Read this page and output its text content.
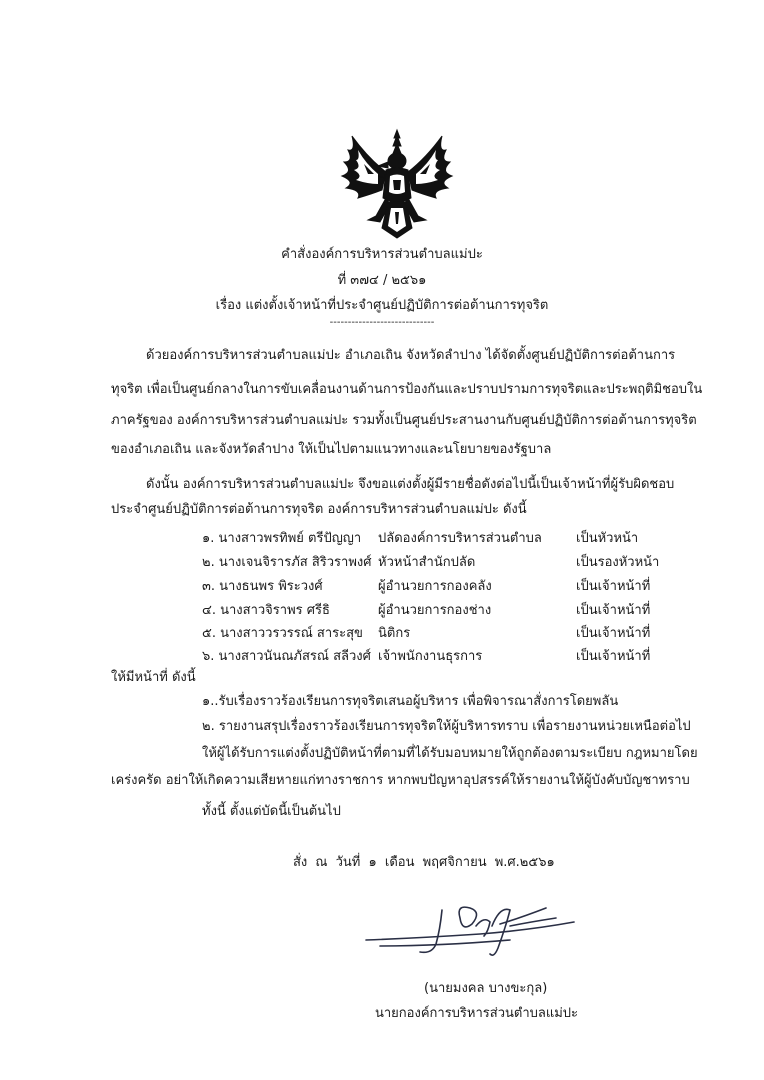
คำสั่งองค์การบริหารส่วนตำบลแม่ปะ
ที่ ๓๗๔ / ๒๕๖๑
เรื่อง แต่งตั้งเจ้าหน้าที่ประจำศูนย์ปฏิบัติการต่อต้านการทุจริต
-----------------------------
ด้วยองค์การบริหารส่วนตำบลแม่ปะ อำเภอเถิน จังหวัดลำปาง ได้จัดตั้งศูนย์ปฏิบัติการต่อต้านการ
ทุจริต เพื่อเป็นศูนย์กลางในการขับเคลื่อนงานด้านการป้องกันและปราบปรามการทุจริตและประพฤติมิชอบใน
ภาครัฐของ องค์การบริหารส่วนตำบลแม่ปะ รวมทั้งเป็นศูนย์ประสานงานกับศูนย์ปฏิบัติการต่อต้านการทุจริต
ของอำเภอเถิน และจังหวัดลำปาง ให้เป็นไปตามแนวทางและนโยบายของรัฐบาล
ดังนั้น องค์การบริหารส่วนตำบลแม่ปะ จึงขอแต่งตั้งผู้มีรายชื่อดังต่อไปนี้เป็นเจ้าหน้าที่ผู้รับผิดชอบ
ประจำศูนย์ปฏิบัติการต่อต้านการทุจริต องค์การบริหารส่วนตำบลแม่ปะ ดังนี้
๑. นางสาวพรทิพย์ ตรีปัญญา ปลัดองค์การบริหารส่วนตำบล	เป็นหัวหน้า
๒. นางเจนจิรารภัส สิริวราพงศ์ หัวหน้าสำนักปลัด	เป็นรองหัวหน้า
๓. นางธนพร พิระวงศ์	ผู้อำนวยการกองคลัง	เป็นเจ้าหน้าที่
๔. นางสาวจิราพร ศรีธิ	ผู้อำนวยการกองช่าง	เป็นเจ้าหน้าที่
๕. นางสาววรวรรณ์ สาระสุข นิติกร	เป็นเจ้าหน้าที่
๖. นางสาวนันณภัสรณ์ สลีวงศ์ เจ้าพนักงานธุรการ	เป็นเจ้าหน้าที่
ให้มีหน้าที่ ดังนี้
๑..รับเรื่องราวร้องเรียนการทุจริตเสนอผู้บริหาร เพื่อพิจารณาสั่งการโดยพลัน
๒. รายงานสรุปเรื่องราวร้องเรียนการทุจริตให้ผู้บริหารทราบ เพื่อรายงานหน่วยเหนือต่อไป
ให้ผู้ได้รับการแต่งตั้งปฏิบัติหน้าที่ตามที่ได้รับมอบหมายให้ถูกต้องตามระเบียบ กฎหมายโดย
เคร่งครัด อย่าให้เกิดความเสียหายแก่ทางราชการ หากพบปัญหาอุปสรรค์ให้รายงานให้ผู้บังคับบัญชาทราบ
ทั้งนี้ ตั้งแต่บัดนี้เป็นต้นไป
สั่ง ณ วันที่ ๑ เดือน พฤศจิกายน พ.ศ.๒๕๖๑
(นายมงคล บางขะกุล)
นายกองค์การบริหารส่วนตำบลแม่ปะ
